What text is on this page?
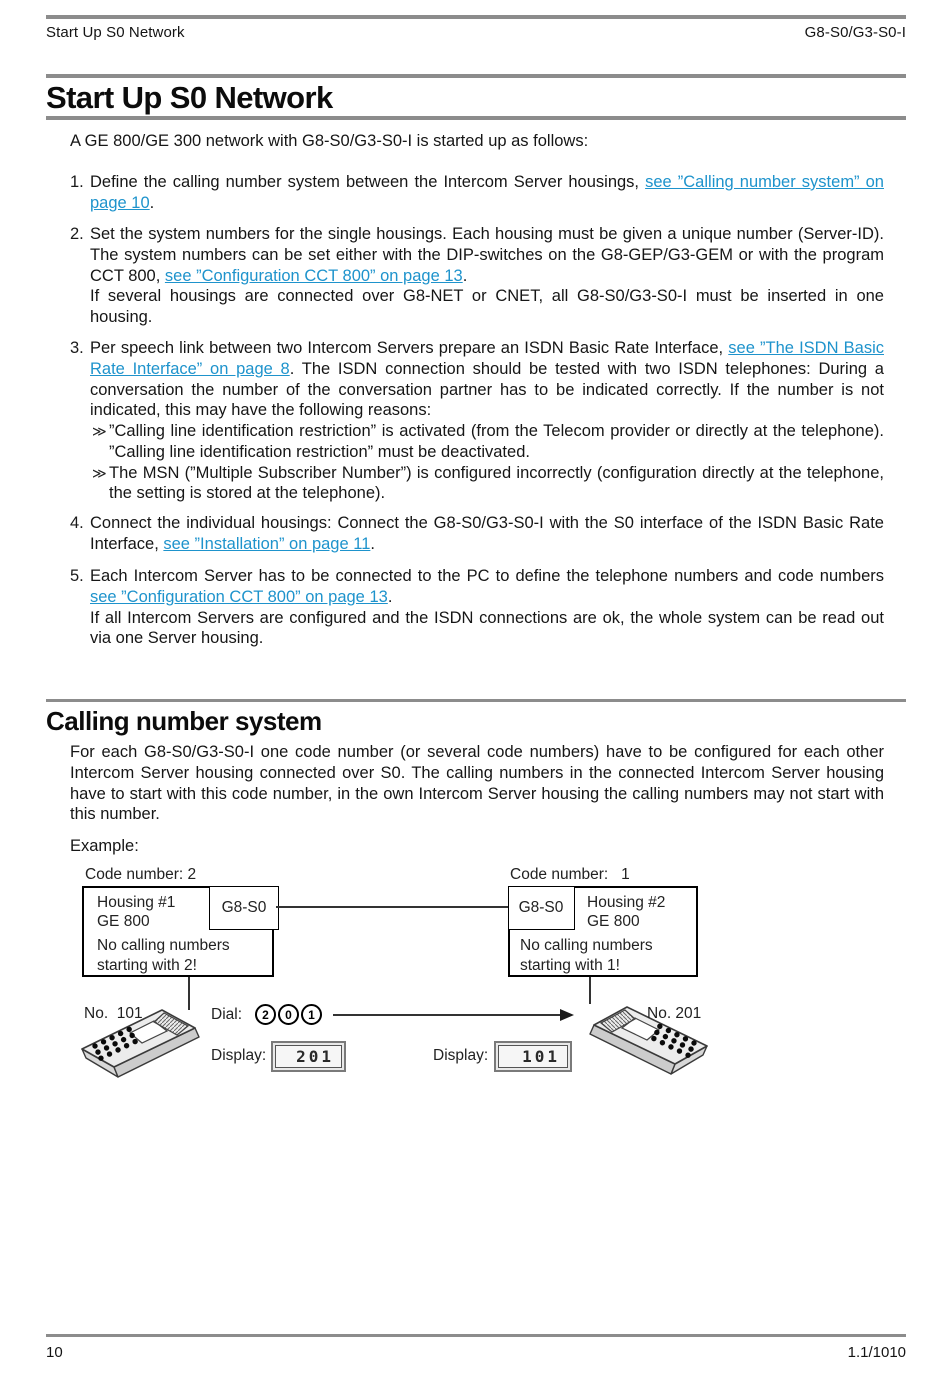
Start Up S0 Network	G8-S0/G3-S0-I
Start Up S0 Network
A GE 800/GE 300 network with G8-S0/G3-S0-I is started up as follows:
1. Define the calling number system between the Intercom Server housings, see ”Calling number system” on page 10.
2. Set the system numbers for the single housings. Each housing must be given a unique number (Server-ID). The system numbers can be set either with the DIP-switches on the G8-GEP/G3-GEM or with the program CCT 800, see ”Configuration CCT 800” on page 13.
If several housings are connected over G8-NET or CNET, all G8-S0/G3-S0-I must be inserted in one housing.
3. Per speech link between two Intercom Servers prepare an ISDN Basic Rate Interface, see ”The ISDN Basic Rate Interface” on page 8. The ISDN connection should be tested with two ISDN telephones: During a conversation the number of the conversation partner has to be indicated correctly. If the number is not indicated, this may have the following reasons:
≫ ”Calling line identification restriction” is activated (from the Telecom provider or directly at the telephone). ”Calling line identification restriction” must be deactivated.
≫ The MSN (”Multiple Subscriber Number”) is configured incorrectly (configuration directly at the telephone, the setting is stored at the telephone).
4. Connect the individual housings: Connect the G8-S0/G3-S0-I with the S0 interface of the ISDN Basic Rate Interface, see ”Installation” on page 11.
5. Each Intercom Server has to be connected to the PC to define the telephone numbers and code numbers see ”Configuration CCT 800” on page 13.
If all Intercom Servers are configured and the ISDN connections are ok, the whole system can be read out via one Server housing.
Calling number system
For each G8-S0/G3-S0-I one code number (or several code numbers) have to be configured for each other Intercom Server housing connected over S0. The calling numbers in the connected Intercom Server housing have to start with this code number, in the own Intercom Server housing the calling numbers may not start with this number.
Example:
Code number: 2	Code number:   1
Housing #1
GE 800
G8-S0
No calling numbers
starting with 2!
G8-S0	Housing #2
GE 800
No calling numbers
starting with 1!
No.  101	Dial:	2 0 1	No. 201
Display:	201	Display:	101
10	1.1/1010
